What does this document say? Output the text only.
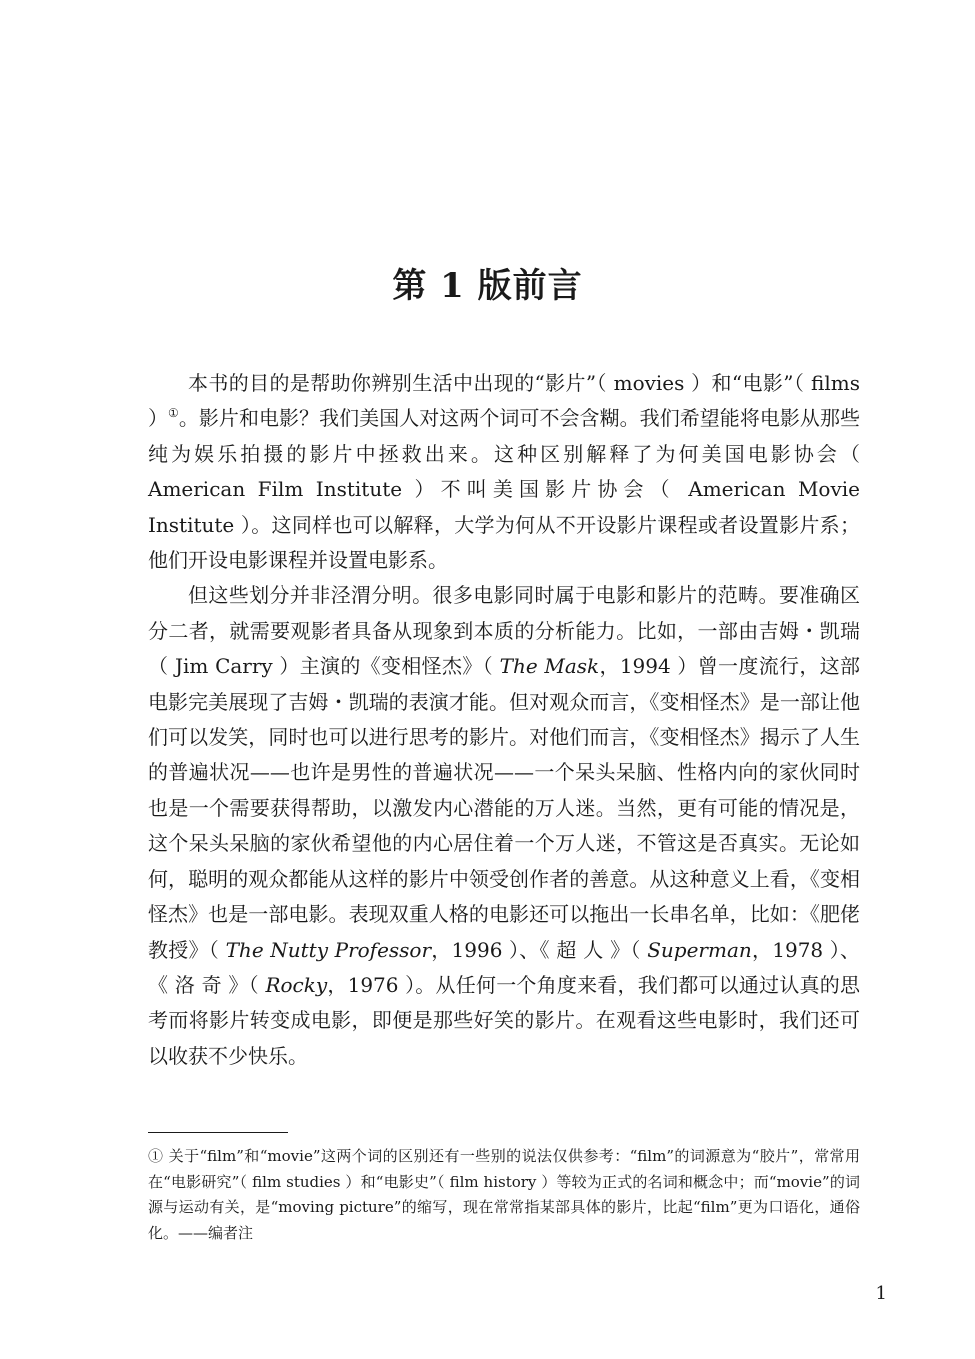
第 1 版前言

本书的目的是帮助你辨别生活中出现的“影片”（ movies ）和“电影”（ films ）①。影片和电影？我们美国人对这两个词可不会含糊。我们希望能将电影从那些纯为娱乐拍摄的影片中拯救出来。这种区别解释了为何美国电影协会（ American Film Institute ）不叫美国影片协会（ American Movie Institute ）。这同样也可以解释，大学为何从不开设影片课程或者设置影片系；他们开设电影课程并设置电影系。

但这些划分并非泾渭分明。很多电影同时属于电影和影片的范畴。要准确区分二者，就需要观影者具备从现象到本质的分析能力。比如，一部由吉姆・凯瑞（ Jim Carry ）主演的《变相怪杰》（ The Mask，1994 ）曾一度流行，这部电影完美展现了吉姆・凯瑞的表演才能。但对观众而言，《变相怪杰》是一部让他们可以发笑，同时也可以进行思考的影片。对他们而言，《变相怪杰》揭示了人生的普遍状况——也许是男性的普遍状况——一个呆头呆脑、性格内向的家伙同时也是一个需要获得帮助，以激发内心潜能的万人迷。当然，更有可能的情况是，这个呆头呆脑的家伙希望他的内心居住着一个万人迷，不管这是否真实。无论如何，聪明的观众都能从这样的影片中领受创作者的善意。从这种意义上看，《变相怪杰》也是一部电影。表现双重人格的电影还可以拖出一长串名单，比如：《肥佬教授》（ The Nutty Professor，1996 ）、《 超 人 》（ Superman，1978 ）、《 洛 奇 》（ Rocky，1976 ）。从任何一个角度来看，我们都可以通过认真的思考而将影片转变成电影，即便是那些好笑的影片。在观看这些电影时，我们还可以收获不少快乐。

① 关于“film”和“movie”这两个词的区别还有一些别的说法仅供参考：“film”的词源意为“胶片”，常常用在“电影研究”（ film studies ）和“电影史”（ film history ）等较为正式的名词和概念中；而“movie”的词源与运动有关，是“moving picture”的缩写，现在常常指某部具体的影片，比起“film”更为口语化，通俗化。——编者注
1
